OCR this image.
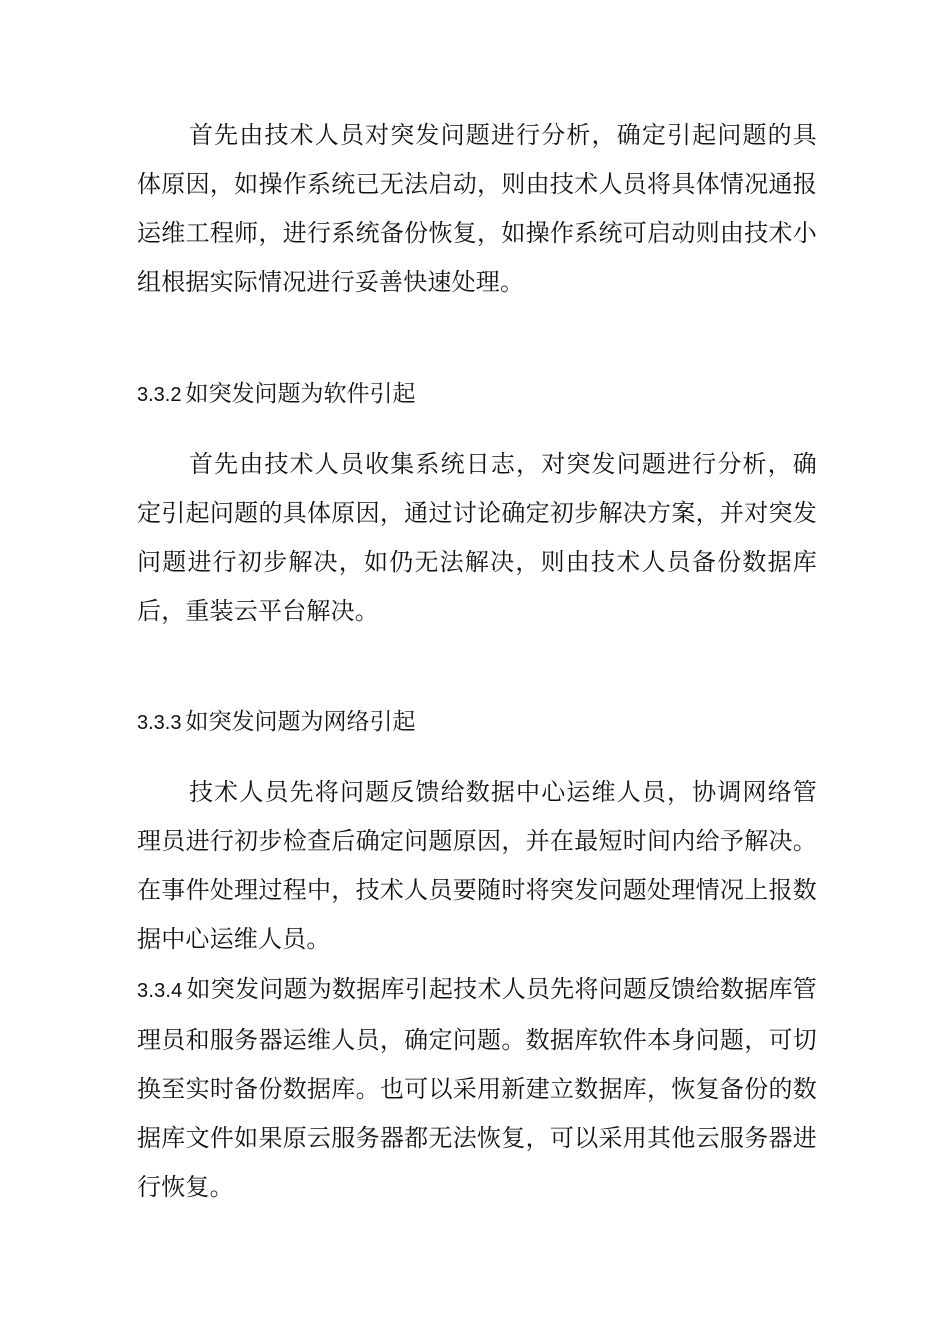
首先由技术人员对突发问题进行分析，确定引起问题的具体原因，如操作系统已无法启动，则由技术人员将具体情况通报运维工程师，进行系统备份恢复，如操作系统可启动则由技术小组根据实际情况进行妥善快速处理。

3.3.2 如突发问题为软件引起

首先由技术人员收集系统日志，对突发问题进行分析，确定引起问题的具体原因，通过讨论确定初步解决方案，并对突发问题进行初步解决，如仍无法解决，则由技术人员备份数据库后，重装云平台解决。

3.3.3 如突发问题为网络引起

技术人员先将问题反馈给数据中心运维人员，协调网络管理员进行初步检查后确定问题原因，并在最短时间内给予解决。在事件处理过程中，技术人员要随时将突发问题处理情况上报数据中心运维人员。

3.3.4 如突发问题为数据库引起技术人员先将问题反馈给数据库管理员和服务器运维人员，确定问题。数据库软件本身问题，可切换至实时备份数据库。也可以采用新建立数据库，恢复备份的数据库文件如果原云服务器都无法恢复，可以采用其他云服务器进行恢复。
